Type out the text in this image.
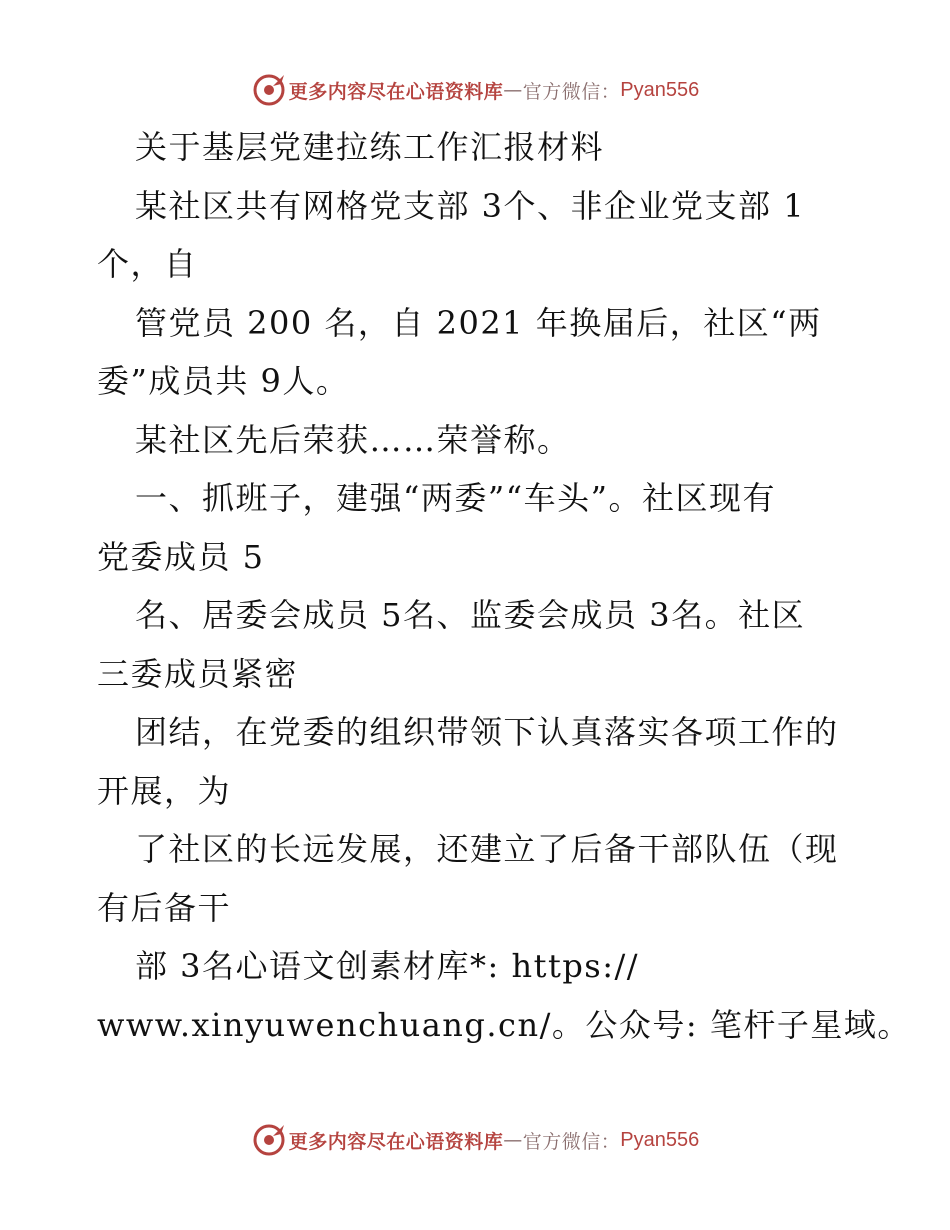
更多内容尽在心语资料库 — 官方微信： Pyan556
关于基层党建拉练工作汇报材料
某社区共有网格党支部 3个、非企业党支部 1
个，自
管党员 200 名，自 2021 年换届后，社区“两
委”成员共 9人。
某社区先后荣获……荣誉称。
一、抓班子，建强“两委”“车头”。社区现有
党委成员 5
名、居委会成员 5名、监委会成员 3名。社区
三委成员紧密
团结，在党委的组织带领下认真落实各项工作的
开展，为
了社区的长远发展，还建立了后备干部队伍（现
有后备干
部 3名心语文创素材库*: https://
www.xinyuwenchuang.cn/。公众号: 笔杆子星域。
更多内容尽在心语资料库 — 官方微信： Pyan556
